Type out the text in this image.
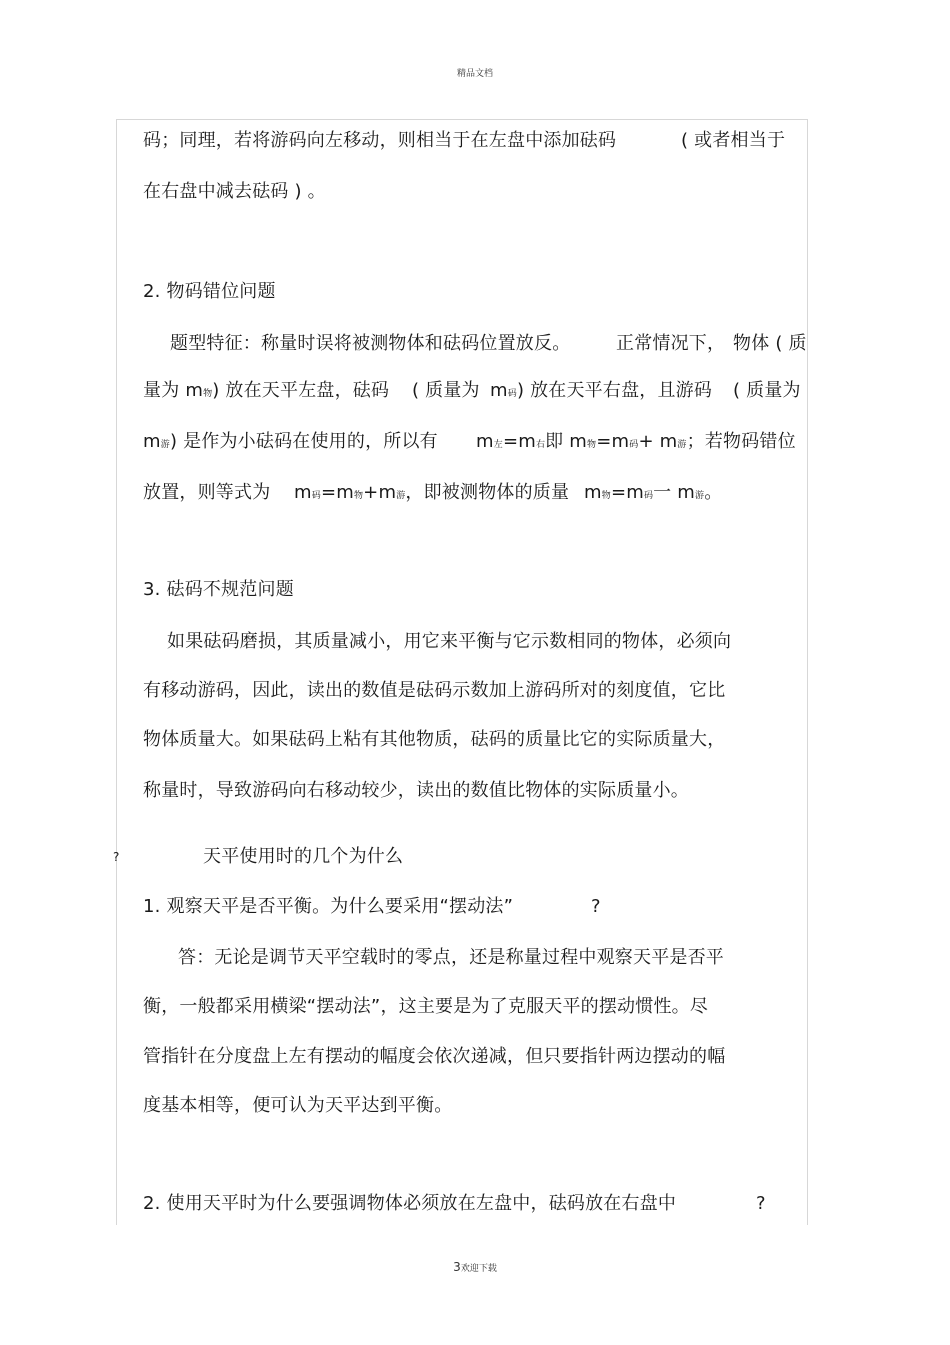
精品文档
码；同理，若将游码向左移动，则相当于在左盘中添加砝码	( 或者相当于
在右盘中减去砝码 ) 。
2. 物码错位问题
题型特征：称量时误将被测物体和砝码位置放反。	正常情况下， 物体 ( 质
量为 m物) 放在天平左盘，砝码 ( 质量为 m码) 放在天平右盘，且游码 ( 质量为
m游) 是作为小砝码在使用的，所以有 m左=m右即 m物=m码+ m游；若物码错位
放置，则等式为 m码=m物+m游，即被测物体的质量 m物=m码一 m游。
3. 砝码不规范问题
如果砝码磨损，其质量减小，用它来平衡与它示数相同的物体，必须向
有移动游码，因此，读出的数值是砝码示数加上游码所对的刻度值，它比
物体质量大。如果砝码上粘有其他物质，砝码的质量比它的实际质量大，
称量时，导致游码向右移动较少，读出的数值比物体的实际质量小。
?	天平使用时的几个为什么
1. 观察天平是否平衡。为什么要采用“摆动法”	?
答：无论是调节天平空载时的零点，还是称量过程中观察天平是否平
衡，一般都采用横梁“摆动法”，这主要是为了克服天平的摆动惯性。尽
管指针在分度盘上左有摆动的幅度会依次递减，但只要指针两边摆动的幅
度基本相等，便可认为天平达到平衡。
2. 使用天平时为什么要强调物体必须放在左盘中，砝码放在右盘中	?
3欢迎下载
